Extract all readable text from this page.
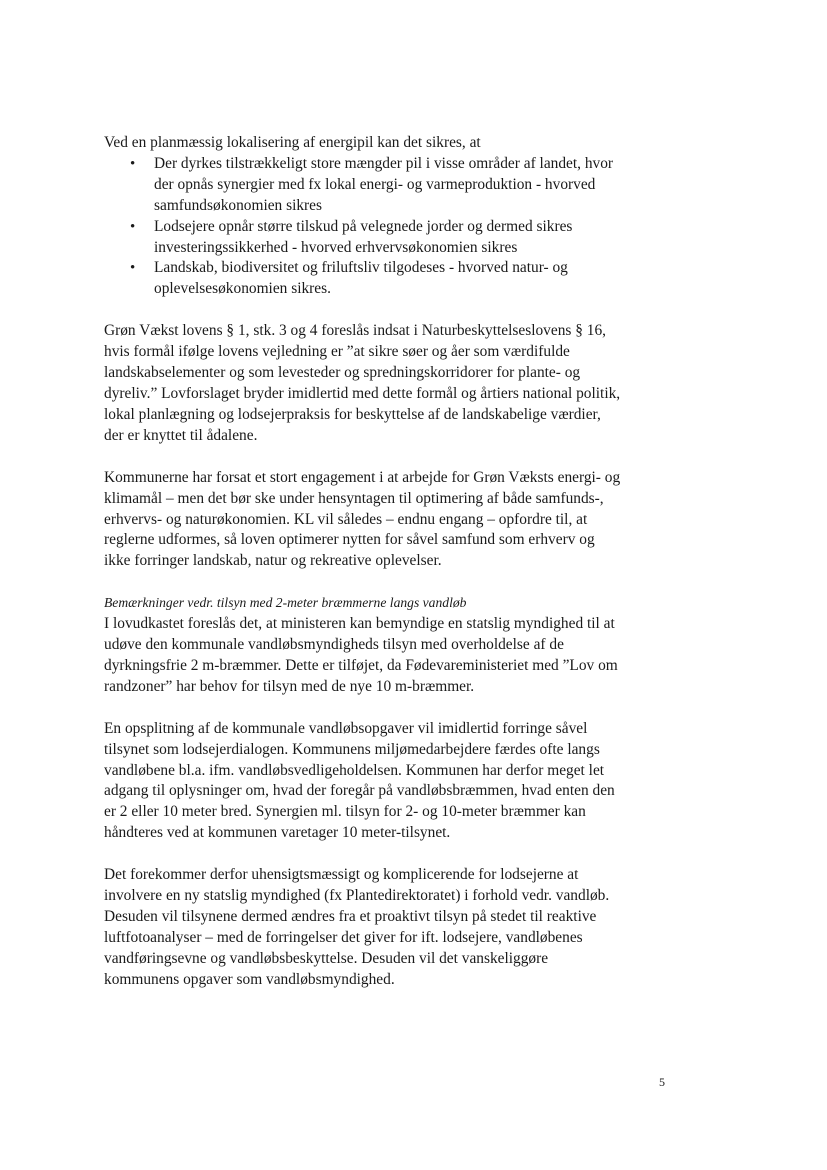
Ved en planmæssig lokalisering af energipil kan det sikres, at

• Der dyrkes tilstrækkeligt store mængder pil i visse områder af landet, hvor der opnås synergier med fx lokal energi- og varmeproduktion - hvorved samfundsøkonomien sikres
• Lodsejere opnår større tilskud på velegnede jorder og dermed sikres investeringssikkerhed - hvorved erhvervsøkonomien sikres
• Landskab, biodiversitet og friluftsliv tilgodeses - hvorved natur- og oplevelsesøkonomien sikres.

Grøn Vækst lovens § 1, stk. 3 og 4 foreslås indsat i Naturbeskyttelseslovens § 16, hvis formål ifølge lovens vejledning er ”at sikre søer og åer som værdifulde landskabselementer og som levesteder og spredningskorridorer for plante- og dyreliv.” Lovforslaget bryder imidlertid med dette formål og årtiers national politik, lokal planlægning og lodsejerpraksis for beskyttelse af de landskabelige værdier, der er knyttet til ådalene.

Kommunerne har forsat et stort engagement i at arbejde for Grøn Væksts energi- og klimamål – men det bør ske under hensyntagen til optimering af både samfunds-, erhvervs- og naturøkonomien. KL vil således – endnu engang – opfordre til, at reglerne udformes, så loven optimerer nytten for såvel samfund som erhverv og ikke forringer landskab, natur og rekreative oplevelser.

Bemærkninger vedr. tilsyn med 2-meter bræmmerne langs vandløb

I lovudkastet foreslås det, at ministeren kan bemyndige en statslig myndighed til at udøve den kommunale vandløbsmyndigheds tilsyn med overholdelse af de dyrkningsfrie 2 m-bræmmer. Dette er tilføjet, da Fødevareministeriet med ”Lov om randzoner” har behov for tilsyn med de nye 10 m-bræmmer.

En opsplitning af de kommunale vandløbsopgaver vil imidlertid forringe såvel tilsynet som lodsejerdialogen. Kommunens miljømedarbejdere færdes ofte langs vandløbene bl.a. ifm. vandløbsvedligeholdelsen. Kommunen har derfor meget let adgang til oplysninger om, hvad der foregår på vandløbsbræmmen, hvad enten den er 2 eller 10 meter bred. Synergien ml. tilsyn for 2- og 10-meter bræmmer kan håndteres ved at kommunen varetager 10 meter-tilsynet.

Det forekommer derfor uhensigtsmæssigt og komplicerende for lodsejerne at involvere en ny statslig myndighed (fx Plantedirektoratet) i forhold vedr. vandløb. Desuden vil tilsynene dermed ændres fra et proaktivt tilsyn på stedet til reaktive luftfotoanalyser – med de forringelser det giver for ift. lodsejere, vandløbenes vandføringsevne og vandløbsbeskyttelse. Desuden vil det vanskeliggøre kommunens opgaver som vandløbsmyndighed.

5
